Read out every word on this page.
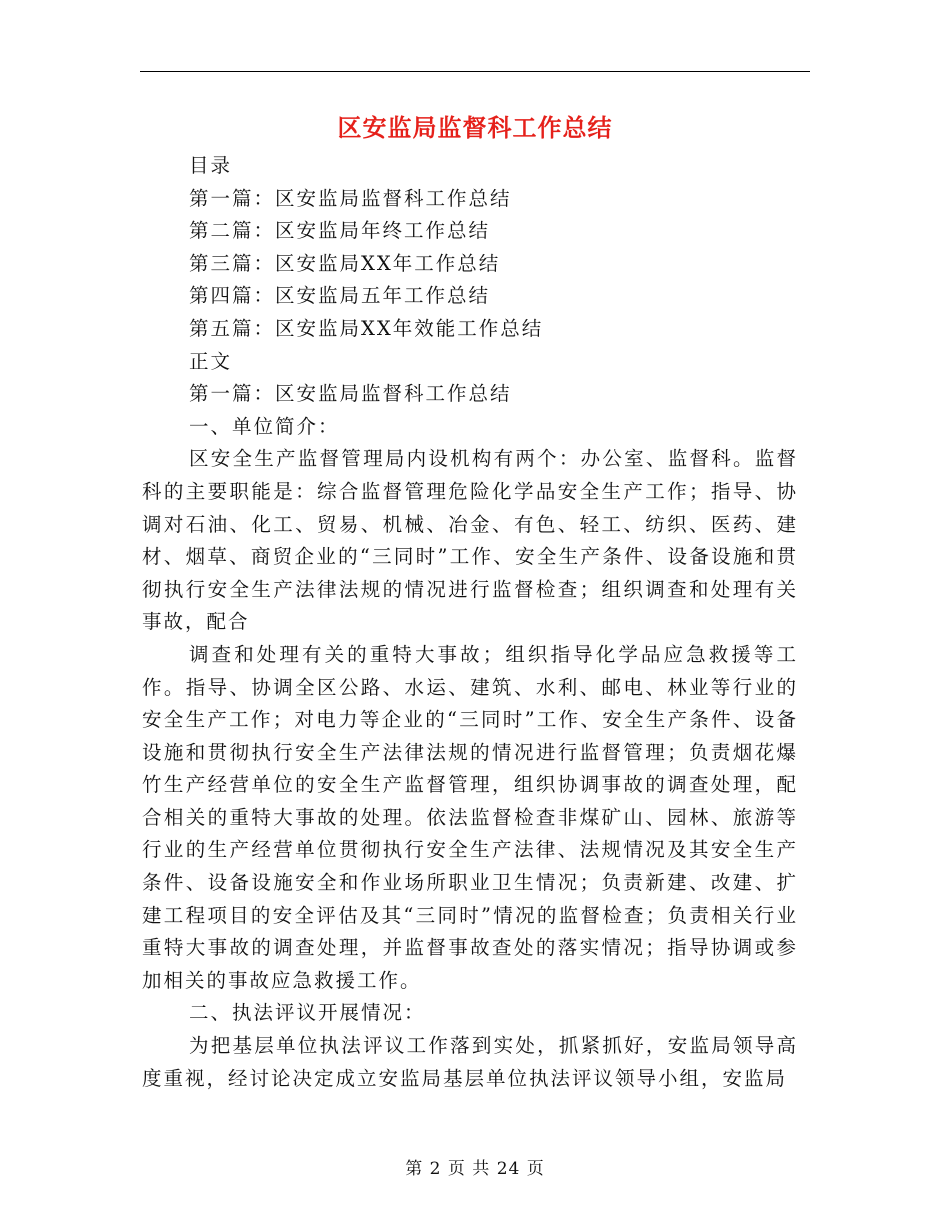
区安监局监督科工作总结

目录

第一篇：区安监局监督科工作总结

第二篇：区安监局年终工作总结

第三篇：区安监局XX年工作总结

第四篇：区安监局五年工作总结

第五篇：区安监局XX年效能工作总结

正文

第一篇：区安监局监督科工作总结

一、单位简介：

区安全生产监督管理局内设机构有两个：办公室、监督科。监督科的主要职能是：综合监督管理危险化学品安全生产工作；指导、协调对石油、化工、贸易、机械、冶金、有色、轻工、纺织、医药、建材、烟草、商贸企业的“三同时”工作、安全生产条件、设备设施和贯彻执行安全生产法律法规的情况进行监督检查；组织调查和处理有关事故，配合

调查和处理有关的重特大事故；组织指导化学品应急救援等工作。指导、协调全区公路、水运、建筑、水利、邮电、林业等行业的安全生产工作；对电力等企业的“三同时”工作、安全生产条件、设备设施和贯彻执行安全生产法律法规的情况进行监督管理；负责烟花爆竹生产经营单位的安全生产监督管理，组织协调事故的调查处理，配合相关的重特大事故的处理。依法监督检查非煤矿山、园林、旅游等行业的生产经营单位贯彻执行安全生产法律、法规情况及其安全生产条件、设备设施安全和作业场所职业卫生情况；负责新建、改建、扩建工程项目的安全评估及其“三同时”情况的监督检查；负责相关行业重特大事故的调查处理，并监督事故查处的落实情况；指导协调或参加相关的事故应急救援工作。

二、执法评议开展情况：

为把基层单位执法评议工作落到实处，抓紧抓好，安监局领导高度重视，经讨论决定成立安监局基层单位执法评议领导小组，安监局

第 2 页 共 24 页
